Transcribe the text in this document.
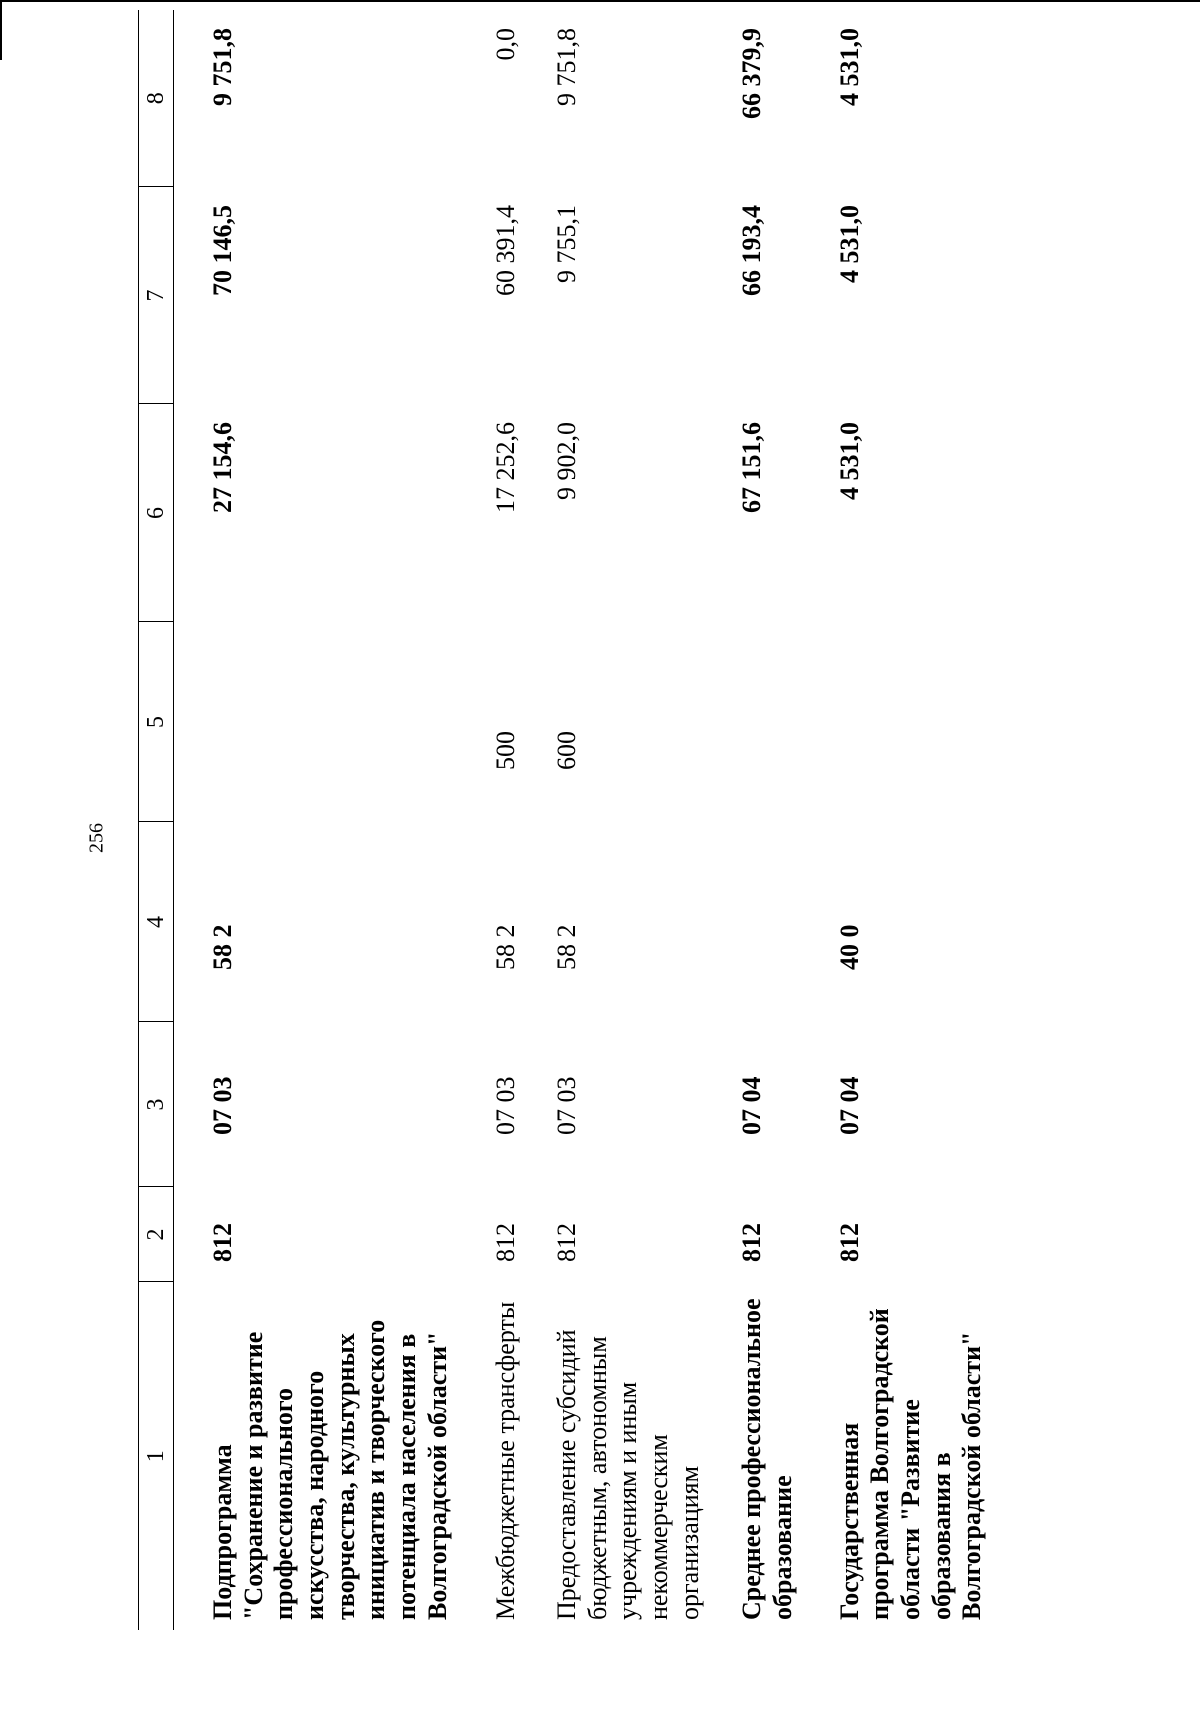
256
1	2	3	4	5	6	7	8

Подпрограмма "Сохранение и развитие профессионального искусства, народного творчества, культурных инициатив и творческого потенциала населения в Волгоградской области"	812	07 03	58 2		27 154,6	70 146,5	9 751,8
Межбюджетные трансферты	812	07 03	58 2	500	17 252,6	60 391,4	0,0
Предоставление субсидий бюджетным, автономным учреждениям и иным некоммерческим организациям	812	07 03	58 2	600	9 902,0	9 755,1	9 751,8
Среднее профессиональное образование	812	07 04			67 151,6	66 193,4	66 379,9
Государственная программа Волгоградской области "Развитие образования в Волгоградской области"	812	07 04	40 0		4 531,0	4 531,0	4 531,0
